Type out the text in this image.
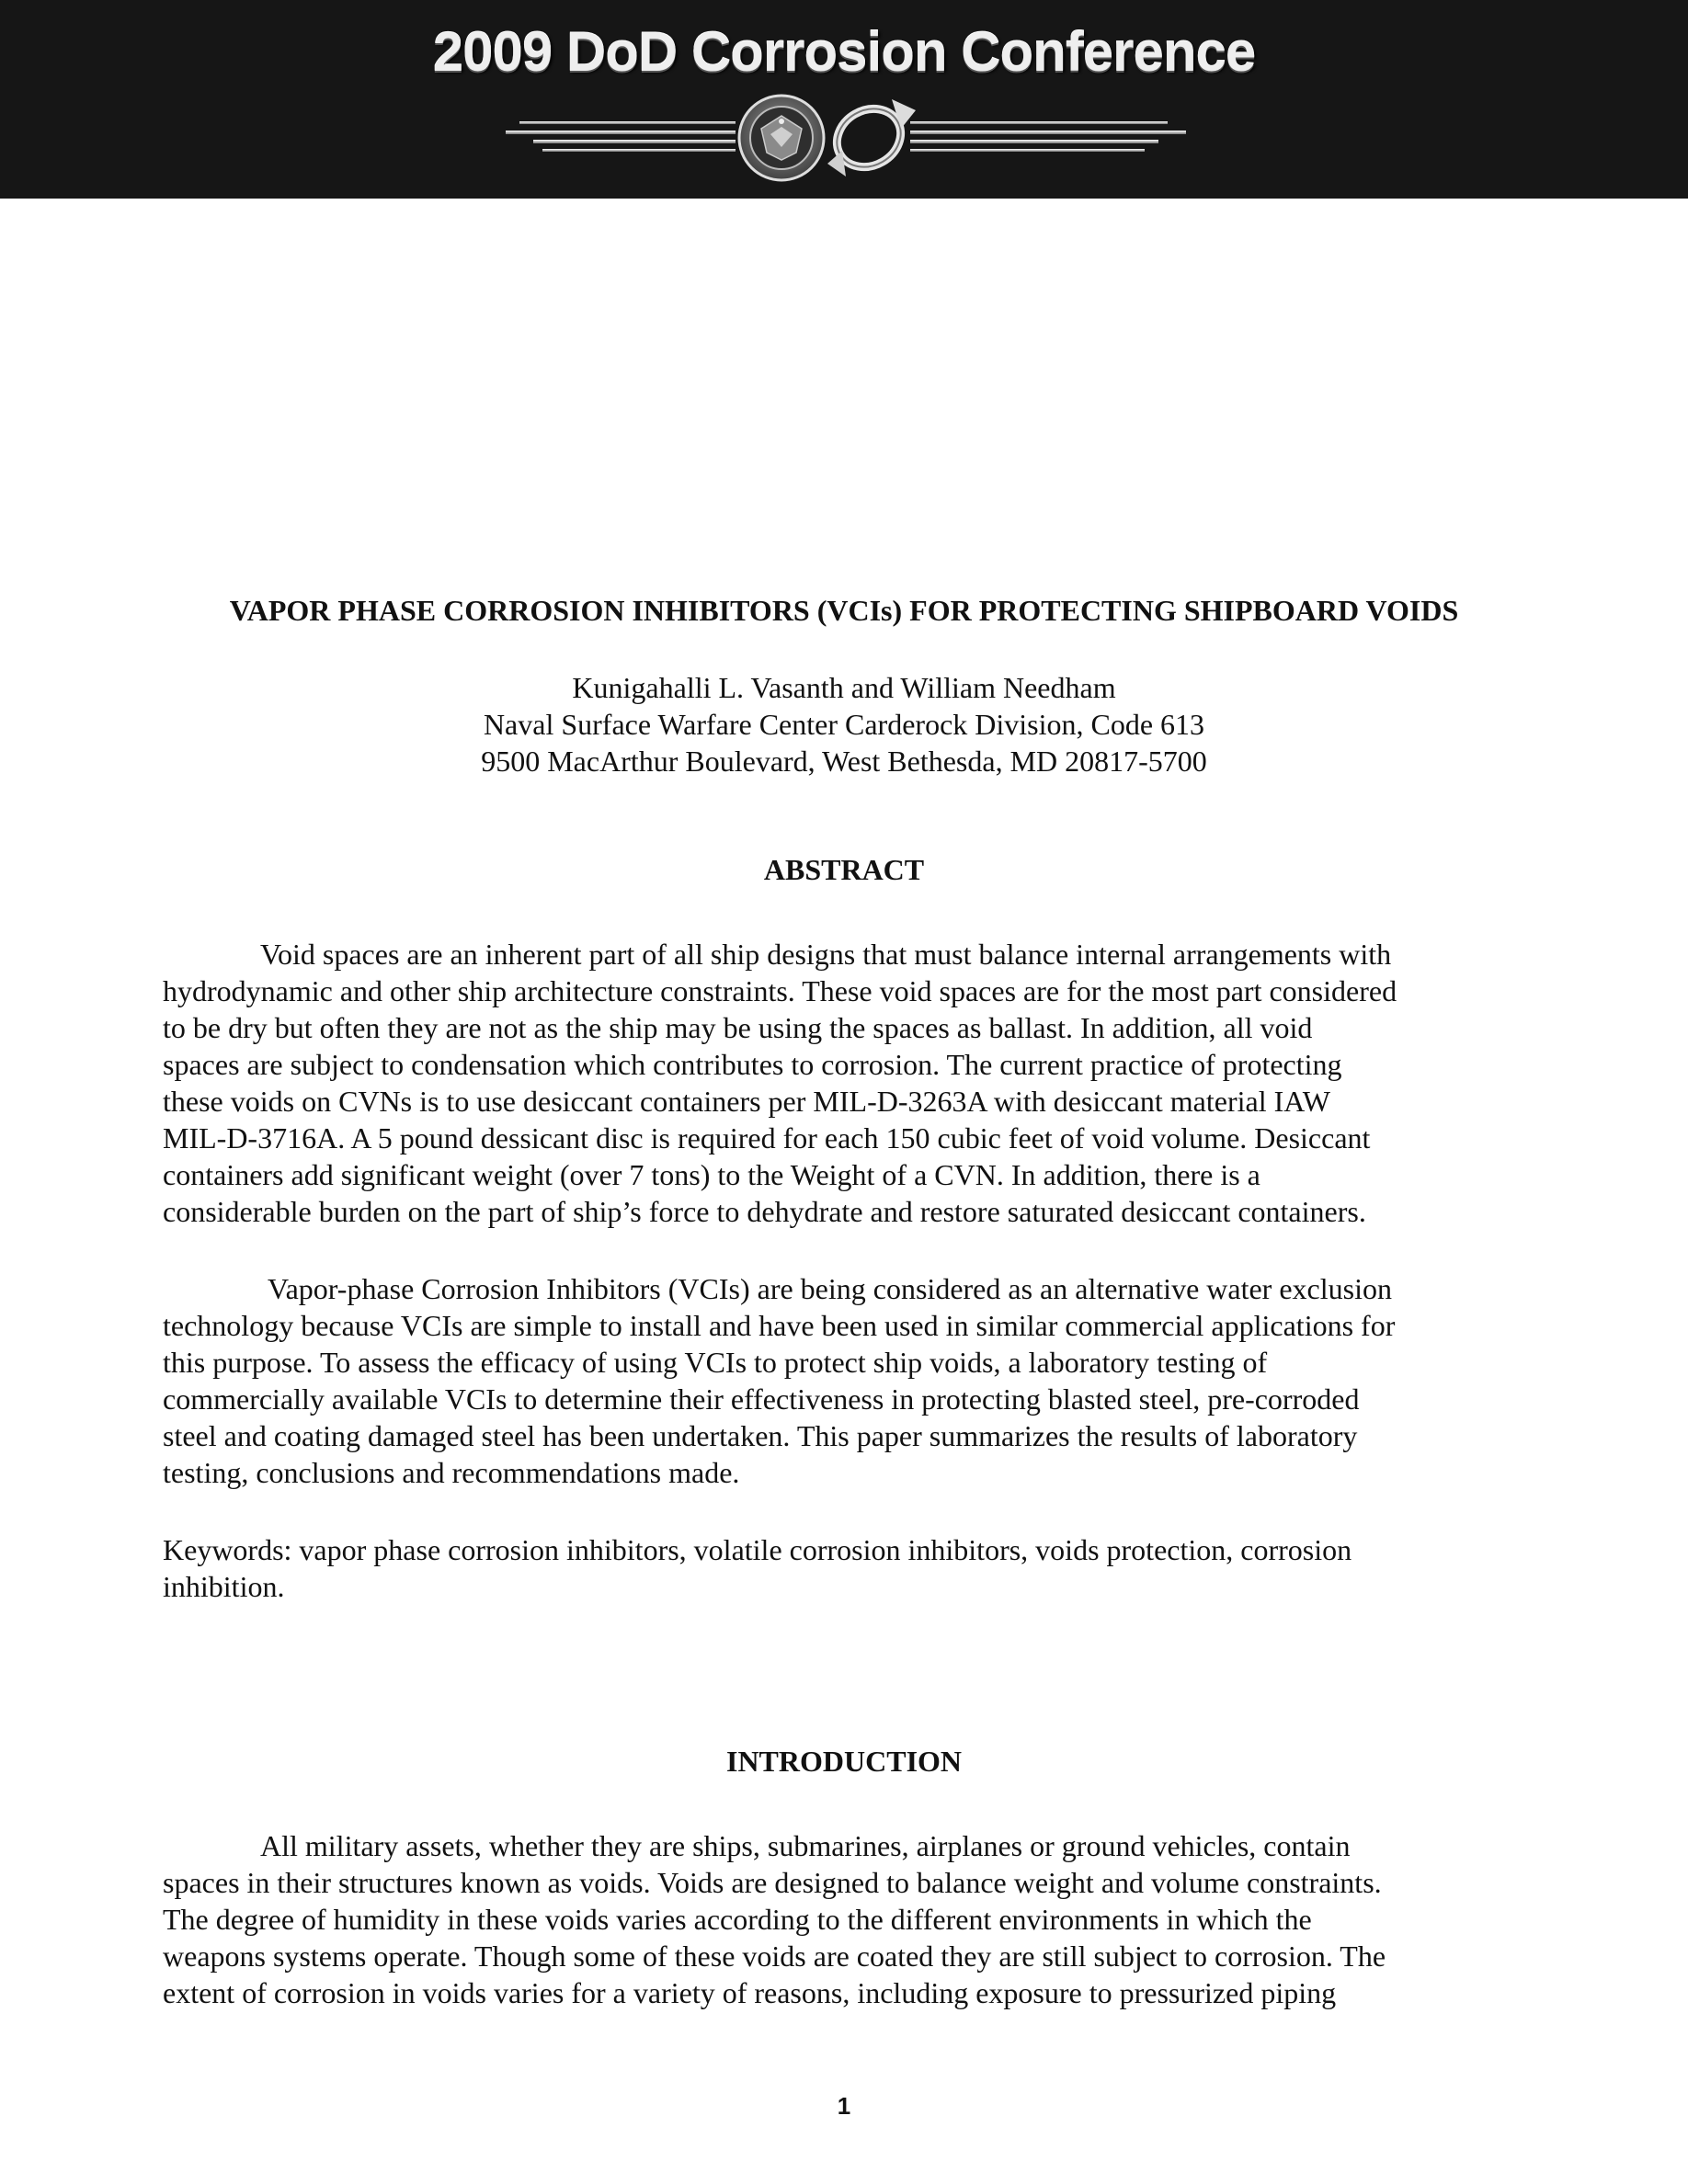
2009 DoD Corrosion Conference
VAPOR PHASE CORROSION INHIBITORS (VCIs) FOR PROTECTING SHIPBOARD VOIDS
Kunigahalli L. Vasanth and William Needham
Naval Surface Warfare Center Carderock Division, Code 613
9500 MacArthur Boulevard, West Bethesda, MD 20817-5700
ABSTRACT
Void spaces are an inherent part of all ship designs that must balance internal arrangements with
hydrodynamic and other ship architecture constraints. These void spaces are for the most part considered
to be dry but often they are not as the ship may be using the spaces as ballast. In addition, all void
spaces are subject to condensation which contributes to corrosion. The current practice of protecting
these voids on CVNs is to use desiccant containers per MIL-D-3263A with desiccant material IAW
MIL-D-3716A. A 5 pound dessicant disc is required for each 150 cubic feet of void volume. Desiccant
containers add significant weight (over 7 tons) to the Weight of a CVN. In addition, there is a
considerable burden on the part of ship’s force to dehydrate and restore saturated desiccant containers.
Vapor-phase Corrosion Inhibitors (VCIs) are being considered as an alternative water exclusion
technology because VCIs are simple to install and have been used in similar commercial applications for
this purpose. To assess the efficacy of using VCIs to protect ship voids, a laboratory testing of
commercially available VCIs to determine their effectiveness in protecting blasted steel, pre-corroded
steel and coating damaged steel has been undertaken. This paper summarizes the results of laboratory
testing, conclusions and recommendations made.
Keywords: vapor phase corrosion inhibitors, volatile corrosion inhibitors, voids protection, corrosion
inhibition.
INTRODUCTION
All military assets, whether they are ships, submarines, airplanes or ground vehicles, contain
spaces in their structures known as voids. Voids are designed to balance weight and volume constraints.
The degree of humidity in these voids varies according to the different environments in which the
weapons systems operate. Though some of these voids are coated they are still subject to corrosion. The
extent of corrosion in voids varies for a variety of reasons, including exposure to pressurized piping
1
